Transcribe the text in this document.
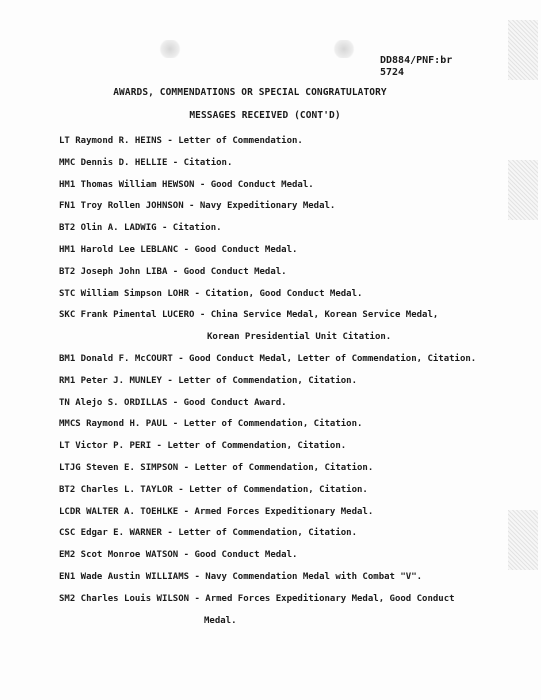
DD884/PNF:br
5724
AWARDS, COMMENDATIONS OR SPECIAL CONGRATULATORY
MESSAGES RECEIVED (CONT'D)
LT Raymond R. HEINS - Letter of Commendation.
MMC Dennis D. HELLIE - Citation.
HM1 Thomas William HEWSON - Good Conduct Medal.
FN1 Troy Rollen JOHNSON - Navy Expeditionary Medal.
BT2 Olin A. LADWIG - Citation.
HM1 Harold Lee LEBLANC - Good Conduct Medal.
BT2 Joseph John LIBA - Good Conduct Medal.
STC William Simpson LOHR - Citation, Good Conduct Medal.
SKC Frank Pimental LUCERO - China Service Medal, Korean Service Medal,
Korean Presidential Unit Citation.
BM1 Donald F. McCOURT - Good Conduct Medal, Letter of Commendation, Citation.
RM1 Peter J. MUNLEY - Letter of Commendation, Citation.
TN Alejo S. ORDILLAS - Good Conduct Award.
MMCS Raymond H. PAUL - Letter of Commendation, Citation.
LT Victor P. PERI - Letter of Commendation, Citation.
LTJG Steven E. SIMPSON - Letter of Commendation, Citation.
BT2 Charles L. TAYLOR - Letter of Commendation, Citation.
LCDR WALTER A. TOEHLKE - Armed Forces Expeditionary Medal.
CSC Edgar E. WARNER - Letter of Commendation, Citation.
EM2 Scot Monroe WATSON - Good Conduct Medal.
EN1 Wade Austin WILLIAMS - Navy Commendation Medal with Combat "V".
SM2 Charles Louis WILSON - Armed Forces Expeditionary Medal, Good Conduct
Medal.
